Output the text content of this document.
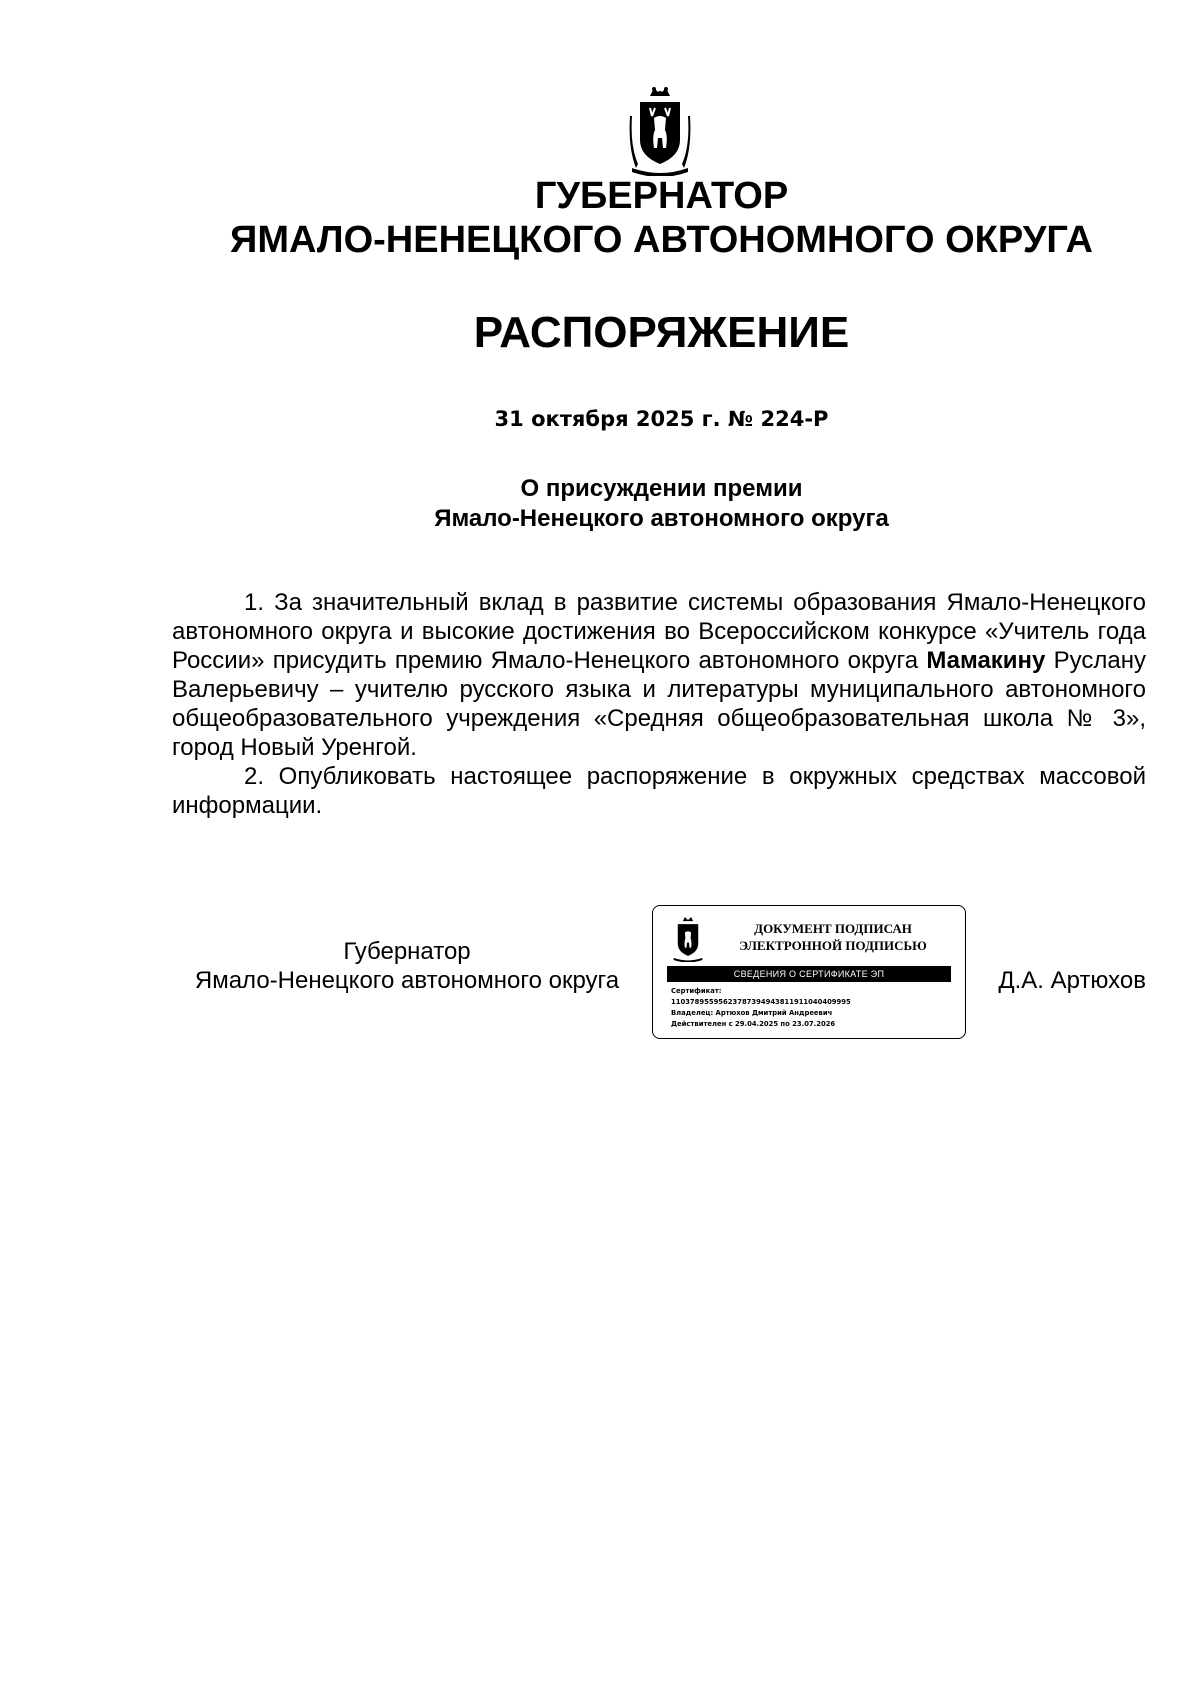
ГУБЕРНАТОР
ЯМАЛО-НЕНЕЦКОГО АВТОНОМНОГО ОКРУГА
РАСПОРЯЖЕНИЕ
31 октября 2025 г. № 224-Р
О присуждении премии
Ямало-Ненецкого автономного округа

1. За значительный вклад в развитие системы образования Ямало-Ненецкого автономного округа и высокие достижения во Всероссийском конкурсе «Учитель года России» присудить премию Ямало-Ненецкого автономного округа Мамакину Руслану Валерьевичу – учителю русского языка и литературы муниципального автономного общеобразовательного учреждения «Средняя общеобразовательная школа № 3», город Новый Уренгой.

2. Опубликовать настоящее распоряжение в окружных средствах массовой информации.

Губернатор
Ямало-Ненецкого автономного округа
ДОКУМЕНТ ПОДПИСАН
ЭЛЕКТРОННОЙ ПОДПИСЬЮ
СВЕДЕНИЯ О СЕРТИФИКАТЕ ЭП
Сертификат:
11037895595623787394943811911040409995
Владелец: Артюхов Дмитрий Андреевич
Действителен с 29.04.2025 по 23.07.2026
Д.А. Артюхов
